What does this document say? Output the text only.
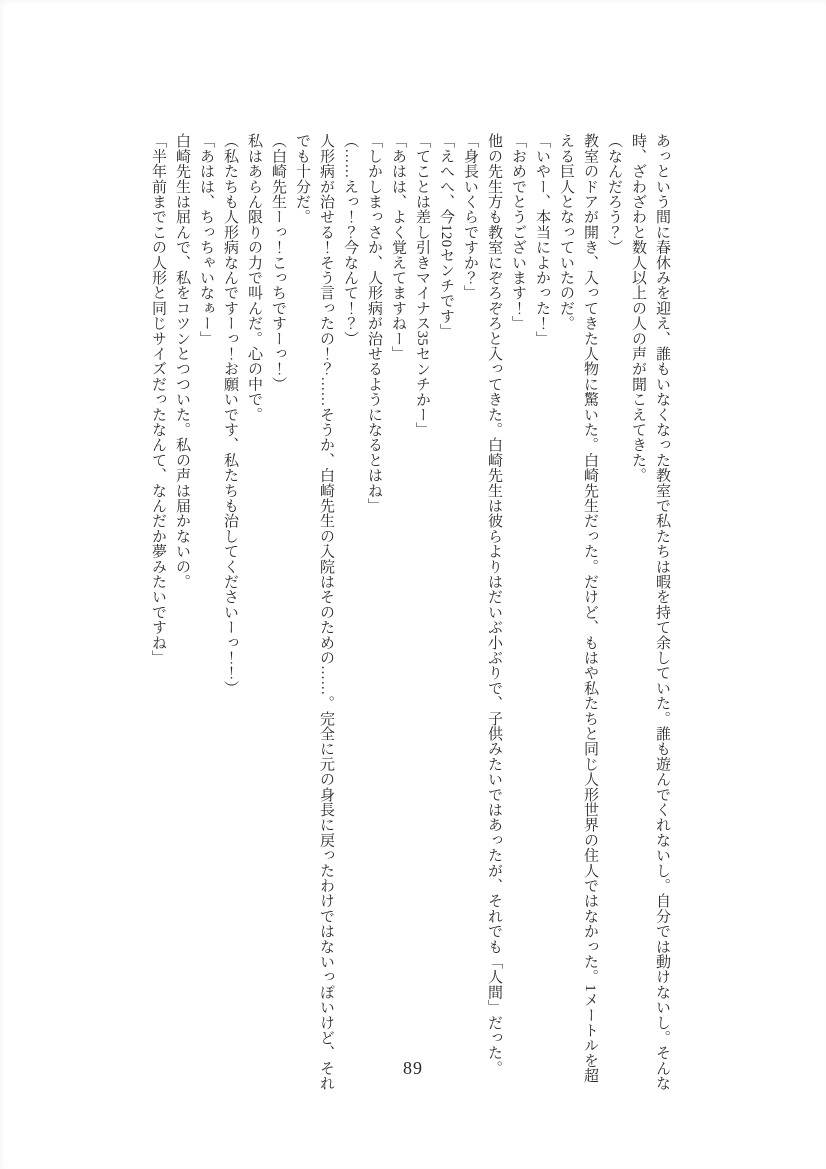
あっという間に春休みを迎え、誰もいなくなった教室で私たちは暇を持て余していた。誰も遊んでくれないし。自分では動けないし。そんな

時、ざわざわと数人以上の人の声が聞こえてきた。

（なんだろう？）

教室のドアが開き、入ってきた人物に驚いた。白崎先生だった。だけど、もはや私たちと同じ人形世界の住人ではなかった。1メートルを超

える巨人となっていたのだ。

「いやー、本当によかった！」

「おめでとうございます！」

他の先生方も教室にぞろぞろと入ってきた。白崎先生は彼らよりはだいぶ小ぶりで、子供みたいではあったが、それでも「人間」だった。

「身長いくらですか？」

「えへへ、今120センチです」

「てことは差し引きマイナス35センチかー」

「あはは、よく覚えてますねー」

「しかしまっさか、人形病が治せるようになるとはね」

（……えっ！？今なんて！？）

人形病が治せる！そう言ったの！？……そうか、白崎先生の入院はそのための……。完全に元の身長に戻ったわけではないっぽいけど、それ

でも十分だ。

（白崎先生ーっ！こっちですーっ！）

私はあらん限りの力で叫んだ。心の中で。

（私たちも人形病なんですーっ！お願いです、私たちも治してくださいーっ！！）

「あはは、ちっちゃいなぁー」

白崎先生は屈んで、私をコツンとつついた。私の声は届かないの。

「半年前までこの人形と同じサイズだったなんて、なんだか夢みたいですね」

89
